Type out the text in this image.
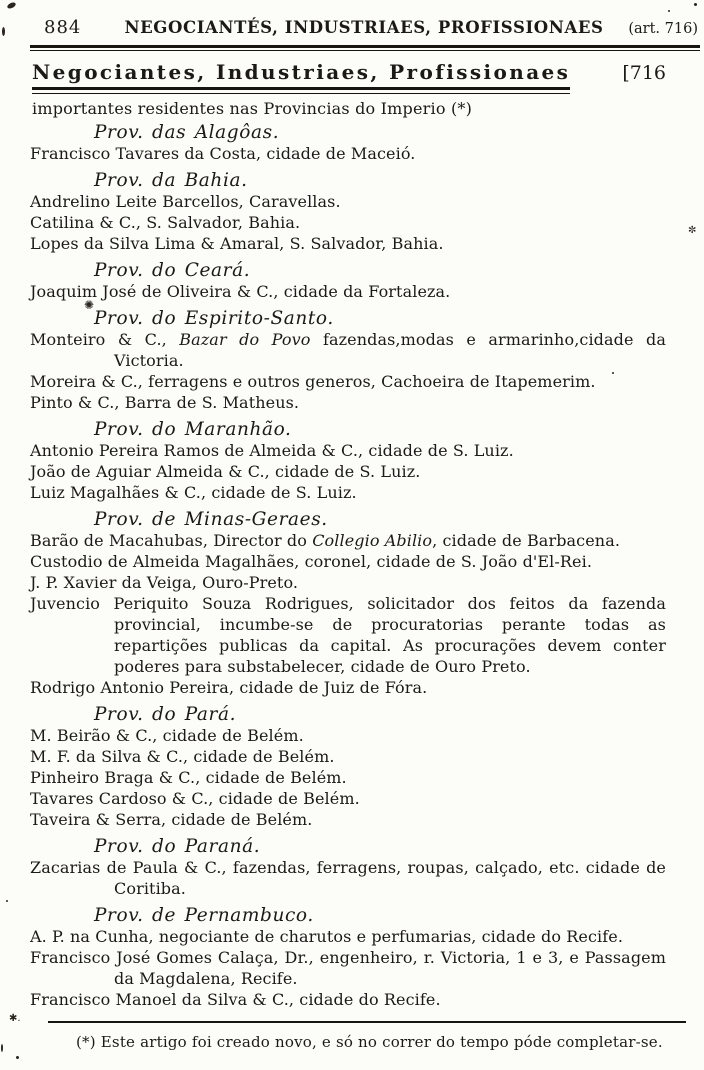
884	NEGOCIANTÉS, INDUSTRIAES, PROFISSIONAES	(art. 716)
Negociantes, Industriaes, Profissionaes	[716
importantes residentes nas Provincias do Imperio (*)
Prov. das Alagôas.
Francisco Tavares da Costa, cidade de Maceió.
Prov. da Bahia.
Andrelino Leite Barcellos, Caravellas.
Catilina & C., S. Salvador, Bahia.
Lopes da Silva Lima & Amaral, S. Salvador, Bahia.
Prov. do Ceará.
Joaquim José de Oliveira & C., cidade da Fortaleza.
Prov. do Espirito-Santo.
Monteiro & C., Bazar do Povo fazendas,modas e armarinho,cidade da Victoria.
Moreira & C., ferragens e outros generos, Cachoeira de Itapemerim.
Pinto & C., Barra de S. Matheus.
Prov. do Maranhão.
Antonio Pereira Ramos de Almeida & C., cidade de S. Luiz.
João de Aguiar Almeida & C., cidade de S. Luiz.
Luiz Magalhães & C., cidade de S. Luiz.
Prov. de Minas-Geraes.
Barão de Macahubas, Director do Collegio Abilio, cidade de Barbacena.
Custodio de Almeida Magalhães, coronel, cidade de S. João d'El-Rei.
J. P. Xavier da Veiga, Ouro-Preto.
Juvencio Periquito Souza Rodrigues, solicitador dos feitos da fazenda provincial, incumbe-se de procuratorias perante todas as repartições publicas da capital. As procurações devem conter poderes para substabelecer, cidade de Ouro Preto.
Rodrigo Antonio Pereira, cidade de Juiz de Fóra.
Prov. do Pará.
M. Beirão & C., cidade de Belém.
M. F. da Silva & C., cidade de Belém.
Pinheiro Braga & C., cidade de Belém.
Tavares Cardoso & C., cidade de Belém.
Taveira & Serra, cidade de Belém.
Prov. do Paraná.
Zacarias de Paula & C., fazendas, ferragens, roupas, calçado, etc. cidade de Coritiba.
Prov. de Pernambuco.
A. P. na Cunha, negociante de charutos e perfumarias, cidade do Recife.
Francisco José Gomes Calaça, Dr., engenheiro, r. Victoria, 1 e 3, e Passagem da Magdalena, Recife.
Francisco Manoel da Silva & C., cidade do Recife.
(*) Este artigo foi creado novo, e só no correr do tempo póde completar-se.
✼
✺
✱.
